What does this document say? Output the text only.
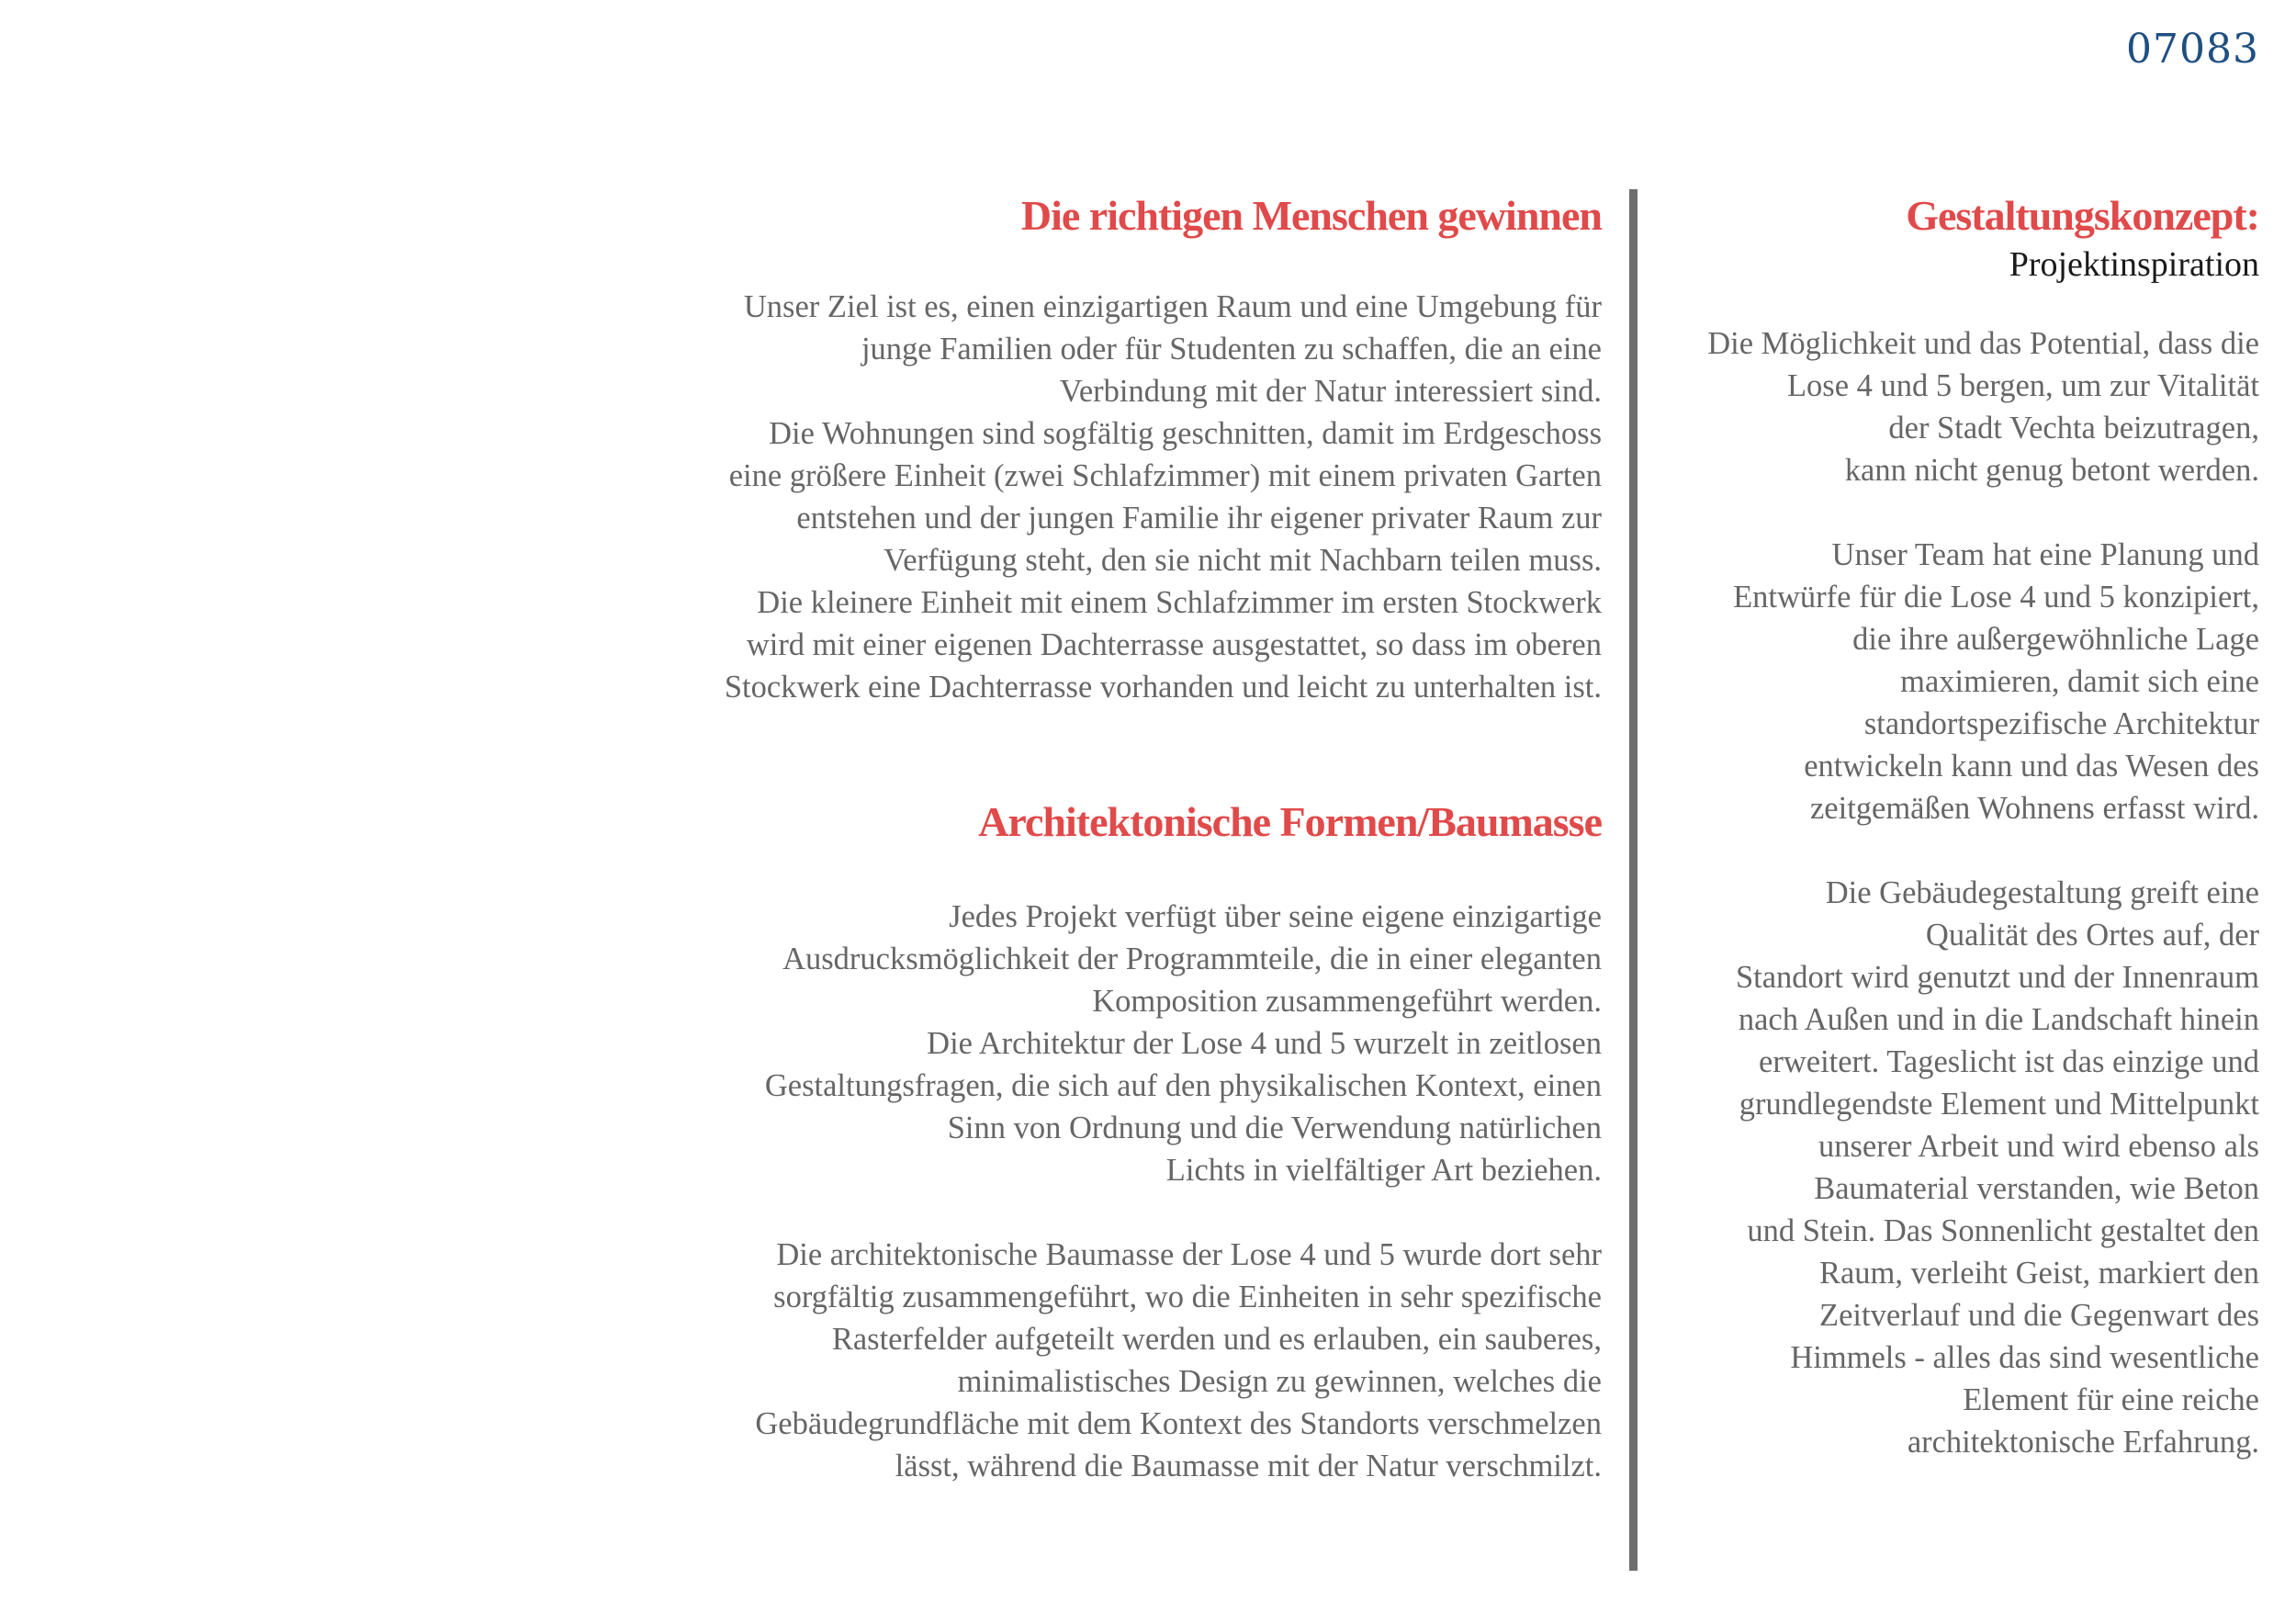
07083
Die richtigen Menschen gewinnen

Unser Ziel ist es, einen einzigartigen Raum und eine Umgebung für
junge Familien oder für Studenten zu schaffen, die an eine
Verbindung mit der Natur interessiert sind.
Die Wohnungen sind sogfältig geschnitten, damit im Erdgeschoss
eine größere Einheit (zwei Schlafzimmer) mit einem privaten Garten
entstehen und der jungen Familie ihr eigener privater Raum zur
Verfügung steht, den sie nicht mit Nachbarn teilen muss.
Die kleinere Einheit mit einem Schlafzimmer im ersten Stockwerk
wird mit einer eigenen Dachterrasse ausgestattet, so dass im oberen
Stockwerk eine Dachterrasse vorhanden und leicht zu unterhalten ist.

Architektonische Formen/Baumasse

Jedes Projekt verfügt über seine eigene einzigartige
Ausdrucksmöglichkeit der Programmteile, die in einer eleganten
Komposition zusammengeführt werden.
Die Architektur der Lose 4 und 5 wurzelt in zeitlosen
Gestaltungsfragen, die sich auf den physikalischen Kontext, einen
Sinn von Ordnung und die Verwendung natürlichen
Lichts in vielfältiger Art beziehen.

Die architektonische Baumasse der Lose 4 und 5 wurde dort sehr
sorgfältig zusammengeführt, wo die Einheiten in sehr spezifische
Rasterfelder aufgeteilt werden und es erlauben, ein sauberes,
minimalistisches Design zu gewinnen, welches die
Gebäudegrundfläche mit dem Kontext des Standorts verschmelzen
lässt, während die Baumasse mit der Natur verschmilzt.

Gestaltungskonzept:
Projektinspiration

Die Möglichkeit und das Potential, dass die
Lose 4 und 5 bergen, um zur Vitalität
der Stadt Vechta beizutragen,
kann nicht genug betont werden.

Unser Team hat eine Planung und
Entwürfe für die Lose 4 und 5 konzipiert,
die ihre außergewöhnliche Lage
maximieren, damit sich eine
standortspezifische Architektur
entwickeln kann und das Wesen des
zeitgemäßen Wohnens erfasst wird.

Die Gebäudegestaltung greift eine
Qualität des Ortes auf, der
Standort wird genutzt und der Innenraum
nach Außen und in die Landschaft hinein
erweitert. Tageslicht ist das einzige und
grundlegendste Element und Mittelpunkt
unserer Arbeit und wird ebenso als
Baumaterial verstanden, wie Beton
und Stein. Das Sonnenlicht gestaltet den
Raum, verleiht Geist, markiert den
Zeitverlauf und die Gegenwart des
Himmels - alles das sind wesentliche
Element für eine reiche
architektonische Erfahrung.
